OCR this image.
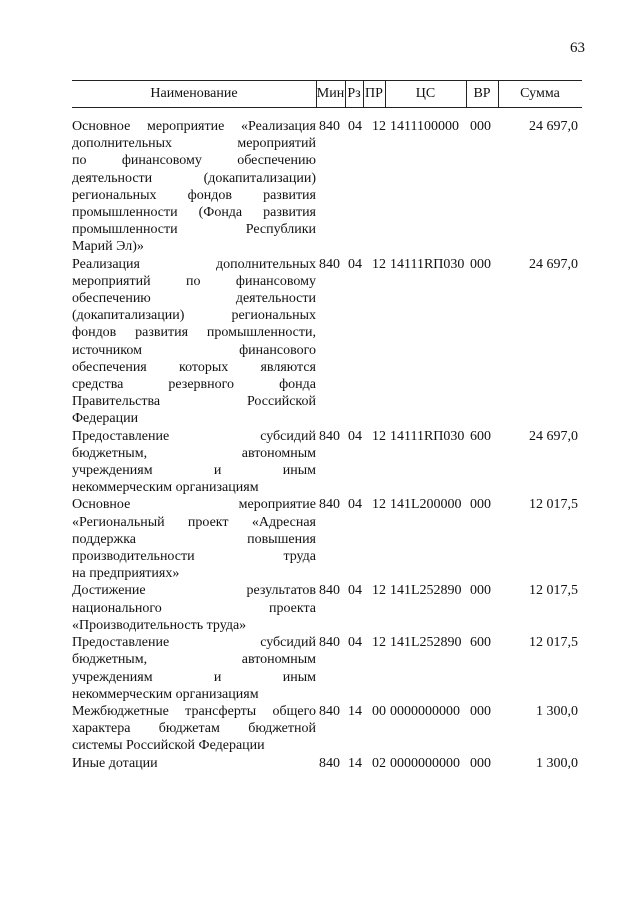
63
Наименование	Мин Рз ПР	ЦС	ВР	Сумма
Основное мероприятие «Реализация
дополнительных мероприятий
по финансовому обеспечению
деятельности (докапитализации)
региональных фондов развития
промышленности (Фонда развития
промышленности Республики
Марий Эл)»
840 04 12 1411100000 000	24 697,0
Реализация дополнительных
мероприятий по финансовому
обеспечению деятельности
(докапитализации) региональных
фондов развития промышленности,
источником финансового
обеспечения которых являются
средства резервного фонда
Правительства Российской
Федерации
840 04 12 14111RП030 000	24 697,0
Предоставление субсидий
бюджетным, автономным
учреждениям и иным
некоммерческим организациям
840 04 12 14111RП030 600	24 697,0
Основное мероприятие
«Региональный проект «Адресная
поддержка повышения
производительности труда
на предприятиях»
840 04 12 141L200000 000	12 017,5
Достижение результатов
национального проекта
«Производительность труда»
840 04 12 141L252890 000	12 017,5
Предоставление субсидий
бюджетным, автономным
учреждениям и иным
некоммерческим организациям
840 04 12 141L252890 600	12 017,5
Межбюджетные трансферты общего
характера бюджетам бюджетной
системы Российской Федерации
840 14 00 0000000000 000	1 300,0
Иные дотации	840 14 02 0000000000 000	1 300,0
